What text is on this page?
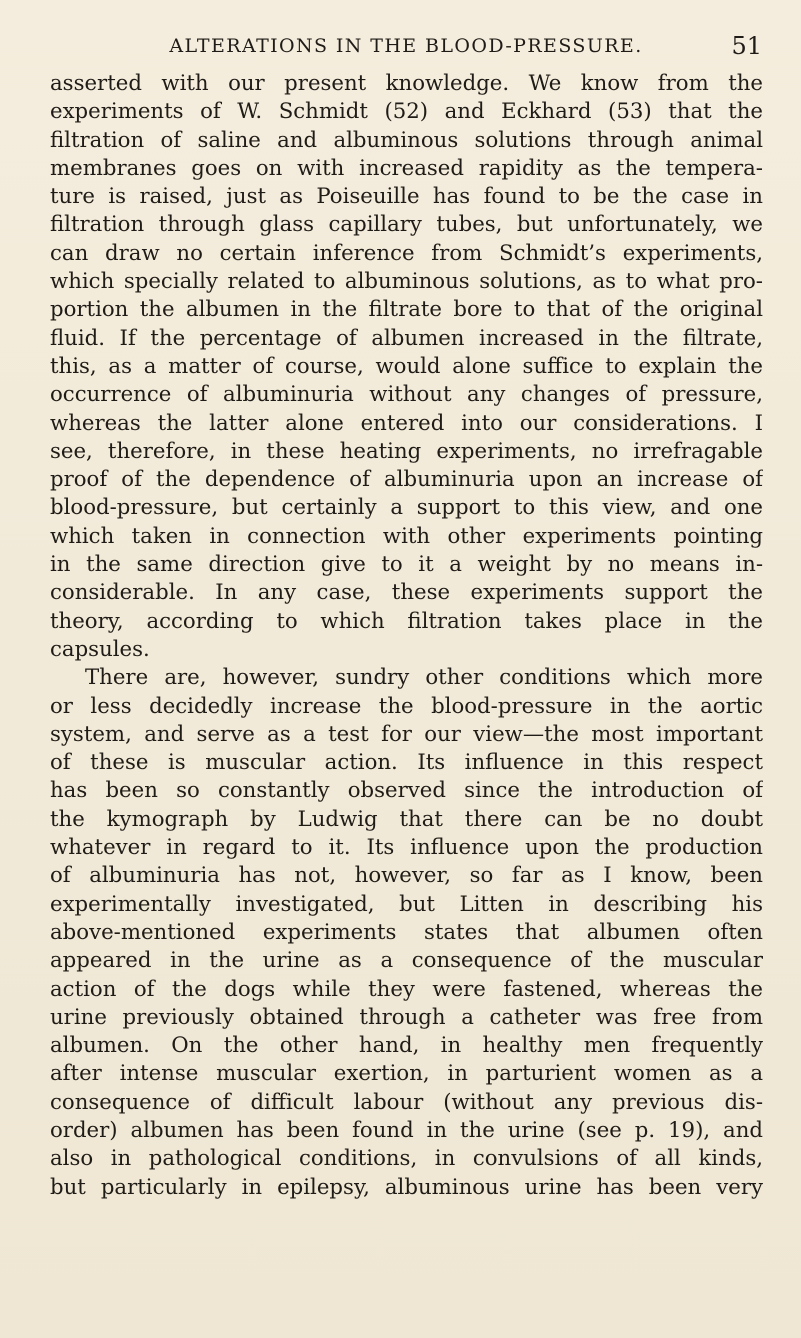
ALTERATIONS IN THE BLOOD-PRESSURE.	51

asserted with our present knowledge. We know from the

experiments of W. Schmidt (52) and Eckhard (53) that the

filtration of saline and albuminous solutions through animal

membranes goes on with increased rapidity as the tempera-

ture is raised, just as Poiseuille has found to be the case in

filtration through glass capillary tubes, but unfortunately, we

can draw no certain inference from Schmidt’s experiments,

which specially related to albuminous solutions, as to what pro-

portion the albumen in the filtrate bore to that of the original

fluid. If the percentage of albumen increased in the filtrate,

this, as a matter of course, would alone suffice to explain the

occurrence of albuminuria without any changes of pressure,

whereas the latter alone entered into our considerations. I

see, therefore, in these heating experiments, no irrefragable

proof of the dependence of albuminuria upon an increase of

blood-pressure, but certainly a support to this view, and one

which taken in connection with other experiments pointing

in the same direction give to it a weight by no means in-

considerable. In any case, these experiments support the

theory, according to which filtration takes place in the

capsules.

There are, however, sundry other conditions which more

or less decidedly increase the blood-pressure in the aortic

system, and serve as a test for our view—the most important

of these is muscular action. Its influence in this respect

has been so constantly observed since the introduction of

the kymograph by Ludwig that there can be no doubt

whatever in regard to it. Its influence upon the production

of albuminuria has not, however, so far as I know, been

experimentally investigated, but Litten in describing his

above-mentioned experiments states that albumen often

appeared in the urine as a consequence of the muscular

action of the dogs while they were fastened, whereas the

urine previously obtained through a catheter was free from

albumen. On the other hand, in healthy men frequently

after intense muscular exertion, in parturient women as a

consequence of difficult labour (without any previous dis-

order) albumen has been found in the urine (see p. 19), and

also in pathological conditions, in convulsions of all kinds,

but particularly in epilepsy, albuminous urine has been very
